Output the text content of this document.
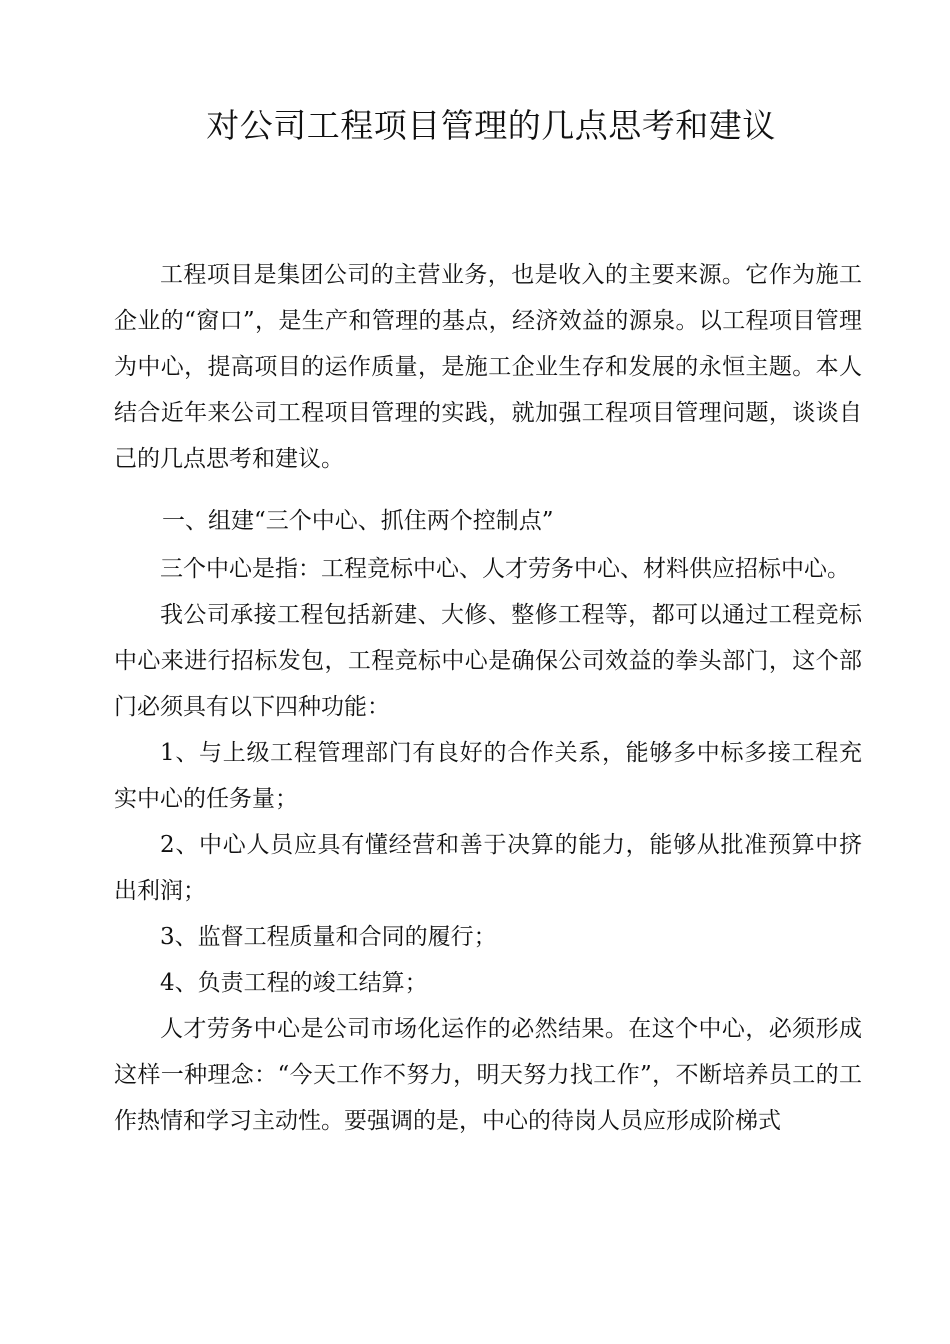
对公司工程项目管理的几点思考和建议

工程项目是集团公司的主营业务，也是收入的主要来源。它作为施工企业的“窗口”，是生产和管理的基点，经济效益的源泉。以工程项目管理为中心，提高项目的运作质量，是施工企业生存和发展的永恒主题。本人结合近年来公司工程项目管理的实践，就加强工程项目管理问题，谈谈自己的几点思考和建议。

一、组建“三个中心、抓住两个控制点”

三个中心是指：工程竞标中心、人才劳务中心、材料供应招标中心。

我公司承接工程包括新建、大修、整修工程等，都可以通过工程竞标中心来进行招标发包，工程竞标中心是确保公司效益的拳头部门，这个部门必须具有以下四种功能：

1、与上级工程管理部门有良好的合作关系，能够多中标多接工程充实中心的任务量；

2、中心人员应具有懂经营和善于决算的能力，能够从批准预算中挤出利润；

3、监督工程质量和合同的履行；

4、负责工程的竣工结算；

人才劳务中心是公司市场化运作的必然结果。在这个中心，必须形成这样一种理念：“今天工作不努力，明天努力找工作”，不断培养员工的工作热情和学习主动性。要强调的是，中心的待岗人员应形成阶梯式
